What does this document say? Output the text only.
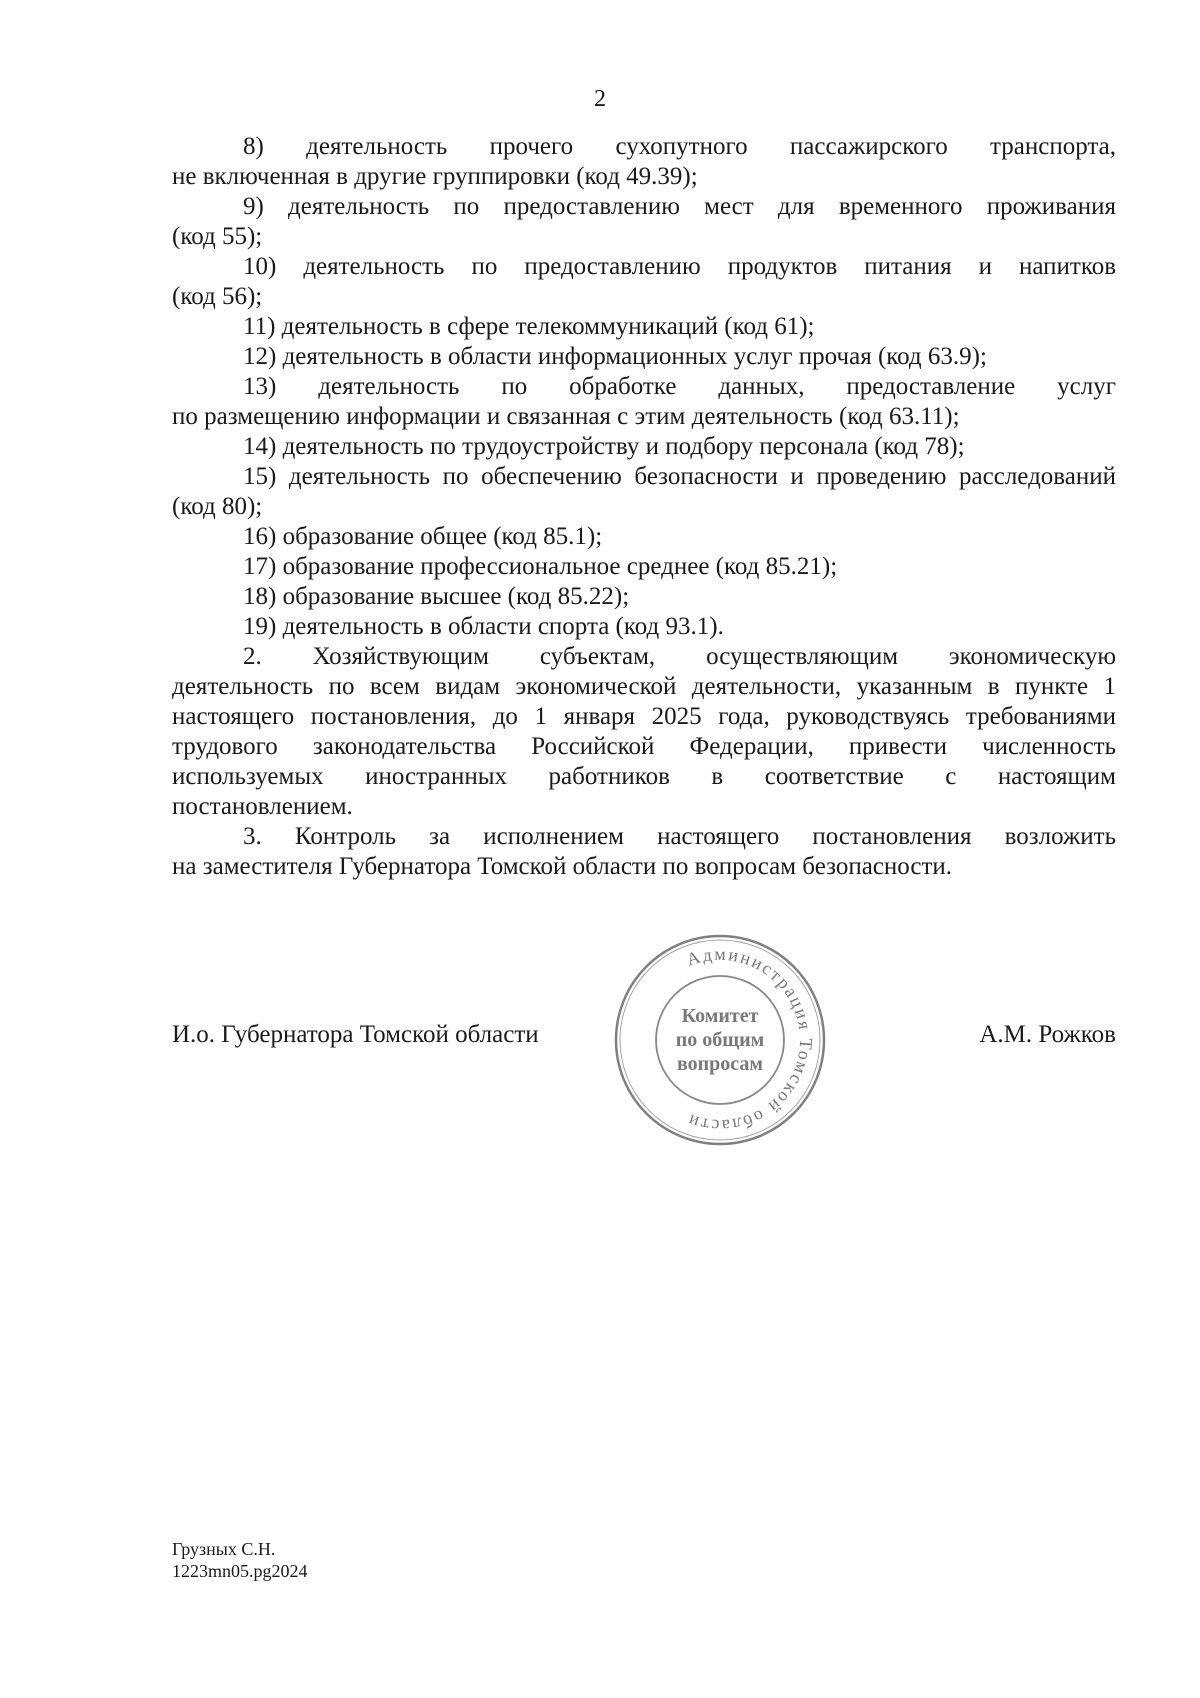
2
8) деятельность прочего сухопутного пассажирского транспорта,
не включенная в другие группировки (код 49.39);
9) деятельность по предоставлению мест для временного проживания
(код 55);
10) деятельность по предоставлению продуктов питания и напитков
(код 56);
11) деятельность в сфере телекоммуникаций (код 61);
12) деятельность в области информационных услуг прочая (код 63.9);
13) деятельность по обработке данных, предоставление услуг
по размещению информации и связанная с этим деятельность (код 63.11);
14) деятельность по трудоустройству и подбору персонала (код 78);
15) деятельность по обеспечению безопасности и проведению расследований
(код 80);
16) образование общее (код 85.1);
17) образование профессиональное среднее (код 85.21);
18) образование высшее (код 85.22);
19) деятельность в области спорта (код 93.1).
2. Хозяйствующим субъектам, осуществляющим экономическую
деятельность по всем видам экономической деятельности, указанным в пункте 1
настоящего постановления, до 1 января 2025 года, руководствуясь требованиями
трудового законодательства Российской Федерации, привести численность
используемых иностранных работников в соответствие с настоящим
постановлением.
3. Контроль за исполнением настоящего постановления возложить
на заместителя Губернатора Томской области по вопросам безопасности.
И.о. Губернатора Томской области
Администрация Томской области
Комитет
по общим
вопросам
А.М. Рожков
Грузных С.Н.
1223mn05.pg2024
